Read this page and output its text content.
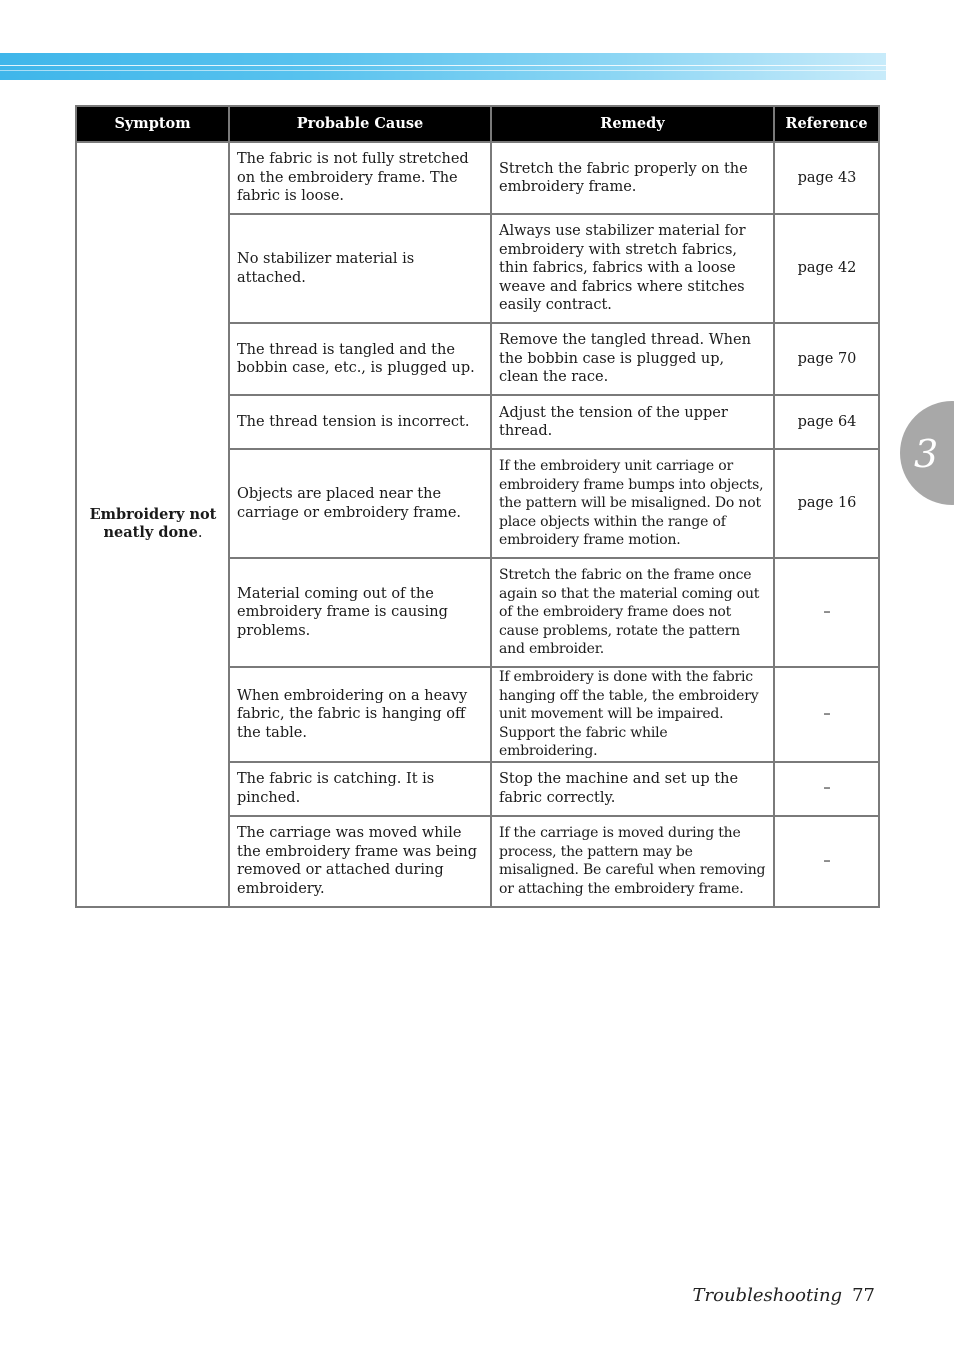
3
Symptom	Probable Cause	Remedy	Reference
Embroidery not neatly done.	The fabric is not fully stretched on the embroidery frame. The fabric is loose.	Stretch the fabric properly on the embroidery frame.	page 43
	No stabilizer material is attached.	Always use stabilizer material for embroidery with stretch fabrics, thin fabrics, fabrics with a loose weave and fabrics where stitches easily contract.	page 42
	The thread is tangled and the bobbin case, etc., is plugged up.	Remove the tangled thread. When the bobbin case is plugged up, clean the race.	page 70
	The thread tension is incorrect.	Adjust the tension of the upper thread.	page 64
	Objects are placed near the carriage or embroidery frame.	If the embroidery unit carriage or embroidery frame bumps into objects, the pattern will be misaligned. Do not place objects within the range of embroidery frame motion.	page 16
	Material coming out of the embroidery frame is causing problems.	Stretch the fabric on the frame once again so that the material coming out of the embroidery frame does not cause problems, rotate the pattern and embroider.	–
	When embroidering on a heavy fabric, the fabric is hanging off the table.	If embroidery is done with the fabric hanging off the table, the embroidery unit movement will be impaired. Support the fabric while embroidering.	–
	The fabric is catching. It is pinched.	Stop the machine and set up the fabric correctly.	–
	The carriage was moved while the embroidery frame was being removed or attached during embroidery.	If the carriage is moved during the process, the pattern may be misaligned. Be careful when removing or attaching the embroidery frame.	–
Troubleshooting 77
